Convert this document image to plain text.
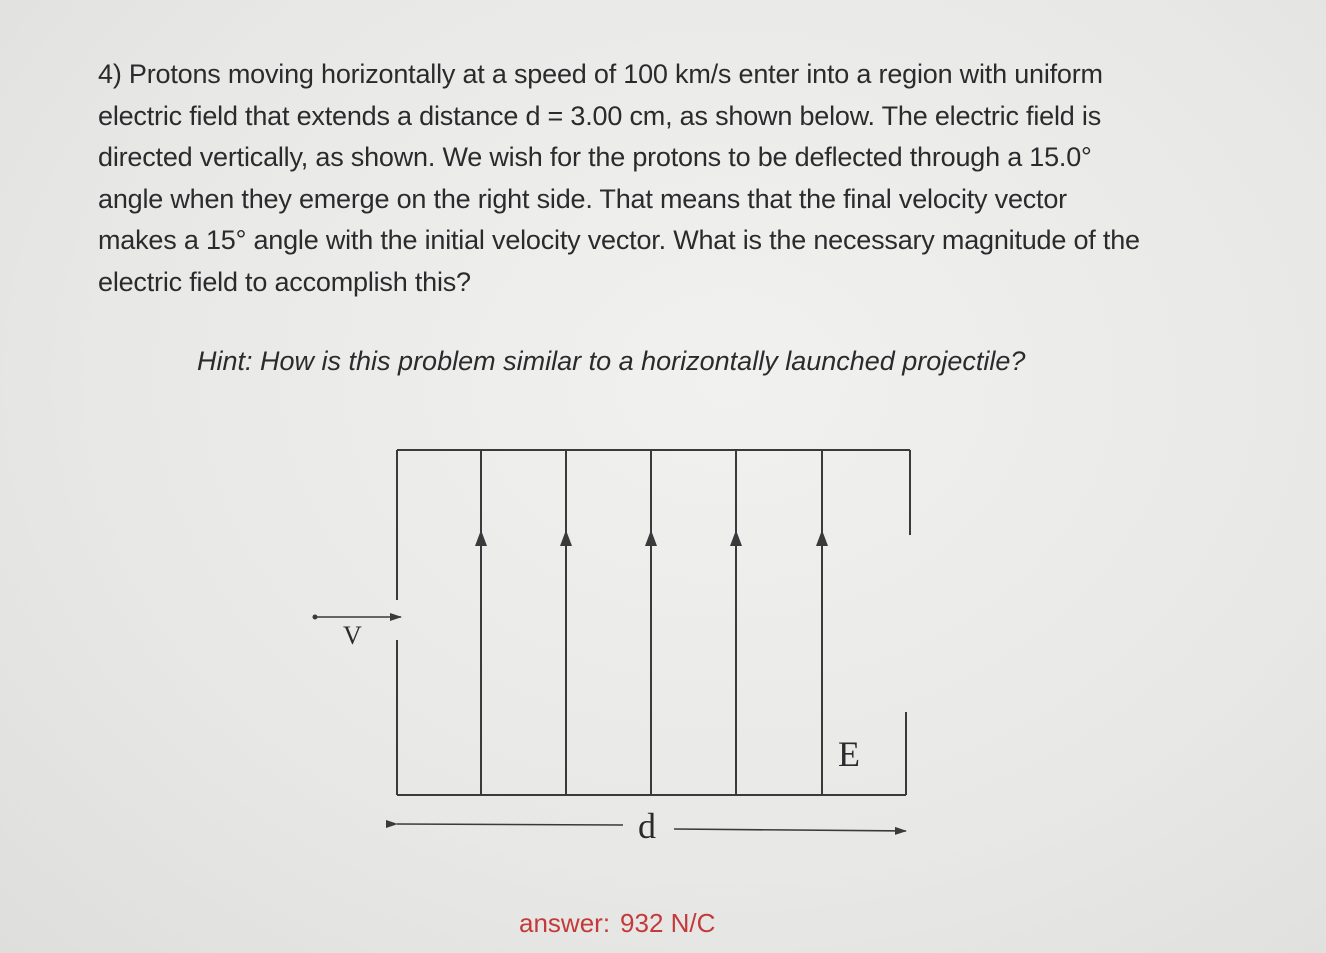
4) Protons moving horizontally at a speed of 100 km/s enter into a region with uniform
electric field that extends a distance d = 3.00 cm, as shown below. The electric field is
directed vertically, as shown. We wish for the protons to be deflected through a 15.0°
angle when they emerge on the right side. That means that the final velocity vector
makes a 15° angle with the initial velocity vector. What is the necessary magnitude of the
electric field to accomplish this?
Hint: How is this problem similar to a horizontally launched projectile?
V
E
d
answer: 932 N/C
